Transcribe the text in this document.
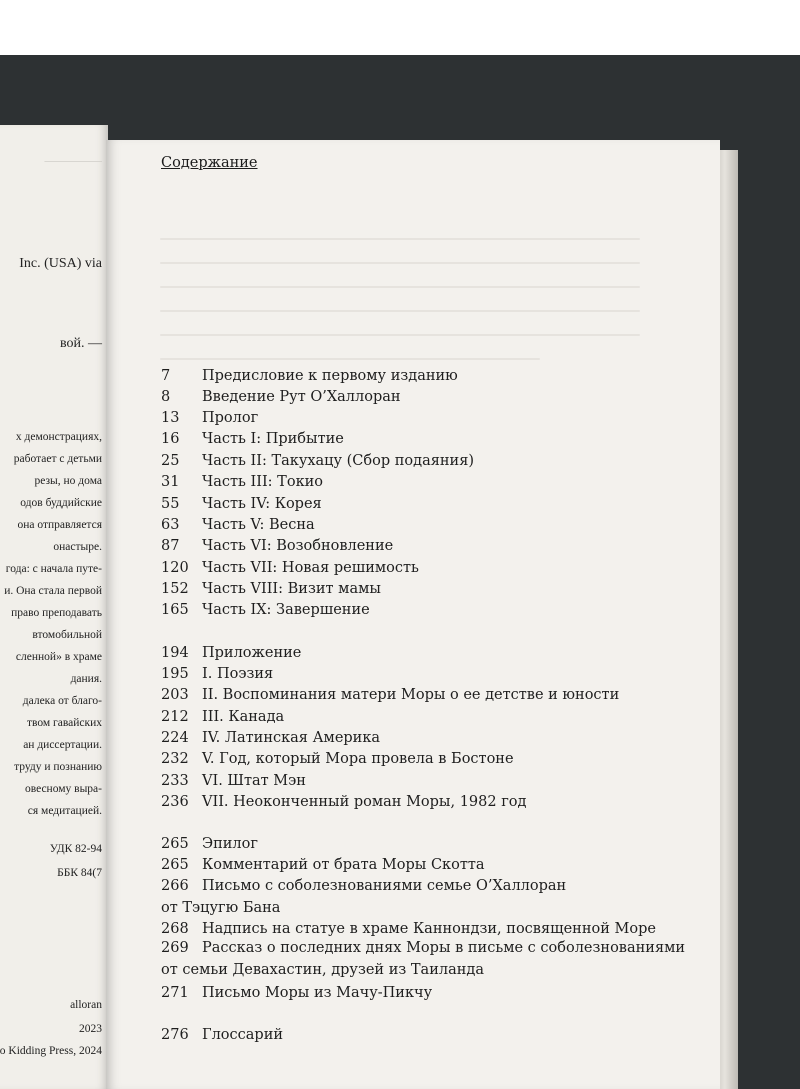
—————
Inc. (USA) via
вой. —
х демонстрациях,
работает с детьми
резы, но дома
одов буддийские
она отправляется
онастыре.
года: с начала путе-
и. Она стала первой
право преподавать
втомобильной
сленной» в храме
дания.
далека от благо-
твом гавайских
ан диссертации.
труду и познанию
овесному выра-
ся медитацией.
УДК 82-94
ББК 84(7
alloran
2023
o Kidding Press, 2024
Содержание
7 Предисловие к первому изданию
8 Введение Рут О’Халлоран
13 Пролог
16 Часть I: Прибытие
25 Часть II: Такухацу (Сбор подаяния)
31 Часть III: Токио
55 Часть IV: Корея
63 Часть V: Весна
87 Часть VI: Возобновление
120 Часть VII: Новая решимость
152 Часть VIII: Визит мамы
165 Часть IX: Завершение
194 Приложение
195 I. Поэзия
203 II. Воспоминания матери Моры о ее детстве и юности
212 III. Канада
224 IV. Латинская Америка
232 V. Год, который Мора провела в Бостоне
233 VI. Штат Мэн
236 VII. Неоконченный роман Моры, 1982 год
265 Эпилог
265 Комментарий от брата Моры Скотта
266 Письмо с соболезнованиями семье О’Халлоран
от Тэцугю Бана
268 Надпись на статуе в храме Каннондзи, посвященной Море
269 Рассказ о последних днях Моры в письме с соболезнованиями
от семьи Девахастин, друзей из Таиланда
271 Письмо Моры из Мачу-Пикчу
276 Глоссарий
